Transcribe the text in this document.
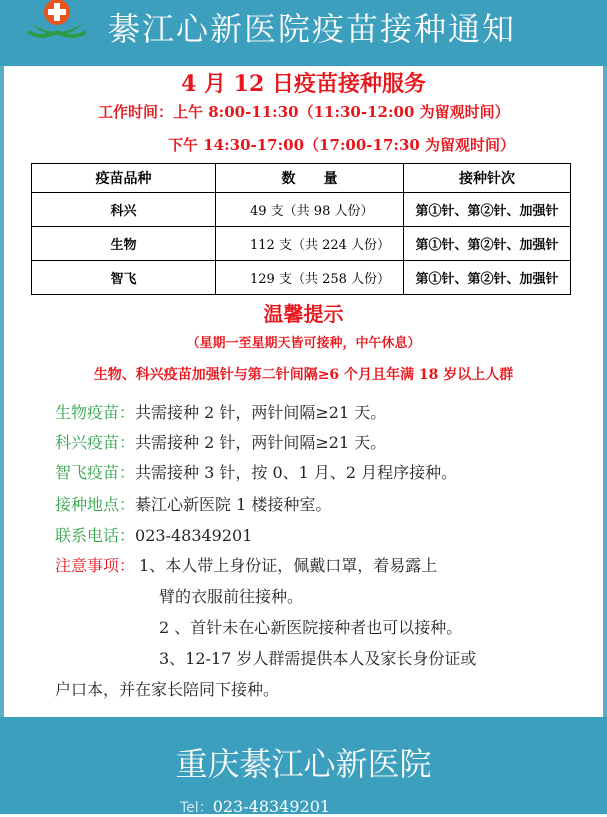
綦江心新医院疫苗接种通知
4 月 12 日疫苗接种服务
工作时间：上午 8:00-11:30（11:30-12:00 为留观时间）
下午 14:30-17:00（17:00-17:30 为留观时间）
疫苗品种	数　　量	接种针次
科兴	49 支（共 98 人份）	第①针、第②针、加强针
生物	112 支（共 224 人份）	第①针、第②针、加强针
智飞	129 支（共 258 人份）	第①针、第②针、加强针
温馨提示
（星期一至星期天皆可接种，中午休息）
生物、科兴疫苗加强针与第二针间隔≥6 个月且年满 18 岁以上人群
生物疫苗：共需接种 2 针，两针间隔≥21 天。
科兴疫苗：共需接种 2 针，两针间隔≥21 天。
智飞疫苗：共需接种 3 针，按 0、1 月、2 月程序接种。
接种地点：綦江心新医院 1 楼接种室。
联系电话：023-48349201
注意事项： 1、本人带上身份证，佩戴口罩，着易露上
臂的衣服前往接种。
2 、首针未在心新医院接种者也可以接种。
3、12-17 岁人群需提供本人及家长身份证或
户口本，并在家长陪同下接种。
重庆綦江心新医院
Tel：023-48349201
